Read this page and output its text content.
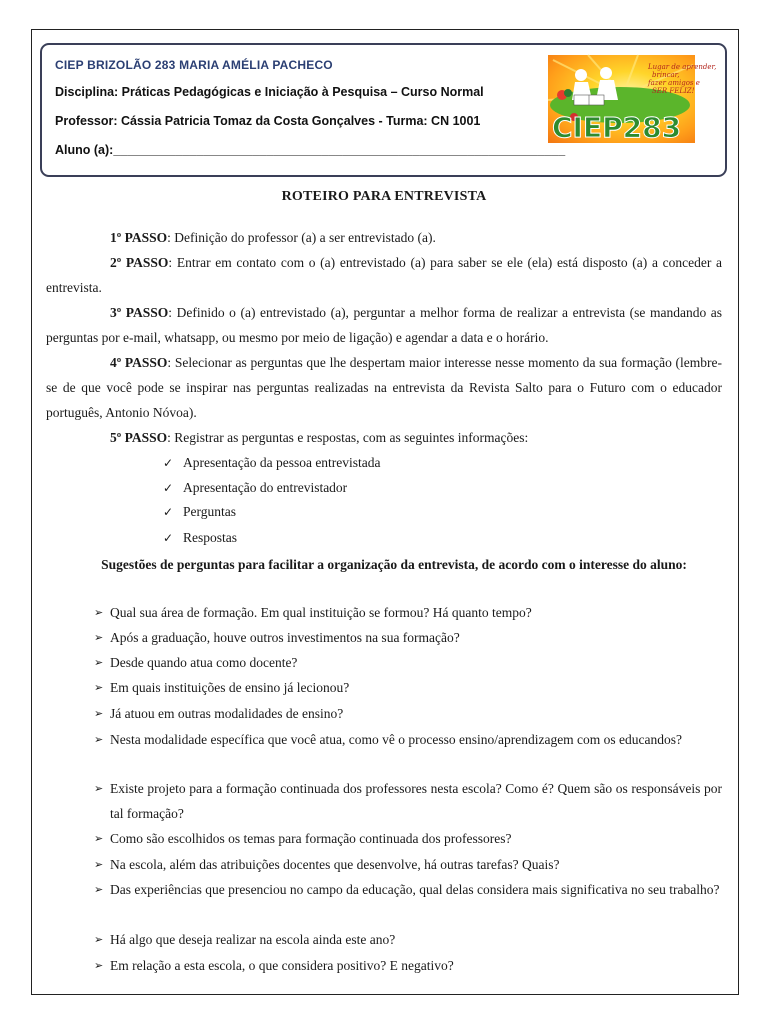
CIEP BRIZOLÃO 283 MARIA AMÉLIA PACHECO
Disciplina: Práticas Pedagógicas e Iniciação à Pesquisa – Curso Normal
Professor: Cássia Patricia Tomaz da Costa Gonçalves - Turma: CN 1001
Aluno (a):_________________________________________________________________
Lugar de aprender,
brincar,
fazer amigos e
SER FELIZ!
CIEP283
ROTEIRO PARA ENTREVISTA
1º PASSO: Definição do professor (a) a ser entrevistado (a).
2º PASSO: Entrar em contato com o (a) entrevistado (a) para saber se ele (ela) está disposto (a) a conceder a entrevista.
3º PASSO: Definido o (a) entrevistado (a), perguntar a melhor forma de realizar a entrevista (se mandando as perguntas por e-mail, whatsapp, ou mesmo por meio de ligação) e agendar a data e o horário.
4º PASSO: Selecionar as perguntas que lhe despertam maior interesse nesse momento da sua formação (lembre-se de que você pode se inspirar nas perguntas realizadas na entrevista da Revista Salto para o Futuro com o educador português, Antonio Nóvoa).
5º PASSO: Registrar as perguntas e respostas, com as seguintes informações:
✓ Apresentação da pessoa entrevistada
✓ Apresentação do entrevistador
✓ Perguntas
✓ Respostas
Sugestões de perguntas para facilitar a organização da entrevista, de acordo com o interesse do aluno:
➢ Qual sua área de formação. Em qual instituição se formou? Há quanto tempo?
➢ Após a graduação, houve outros investimentos na sua formação?
➢ Desde quando atua como docente?
➢ Em quais instituições de ensino já lecionou?
➢ Já atuou em outras modalidades de ensino?
➢ Nesta modalidade específica que você atua, como vê o processo ensino/aprendizagem com os educandos?
➢ Existe projeto para a formação continuada dos professores nesta escola? Como é? Quem são os responsáveis por tal formação?
➢ Como são escolhidos os temas para formação continuada dos professores?
➢ Na escola, além das atribuições docentes que desenvolve, há outras tarefas? Quais?
➢ Das experiências que presenciou no campo da educação, qual delas considera mais significativa no seu trabalho?
➢ Há algo que deseja realizar na escola ainda este ano?
➢ Em relação a esta escola, o que considera positivo? E negativo?
